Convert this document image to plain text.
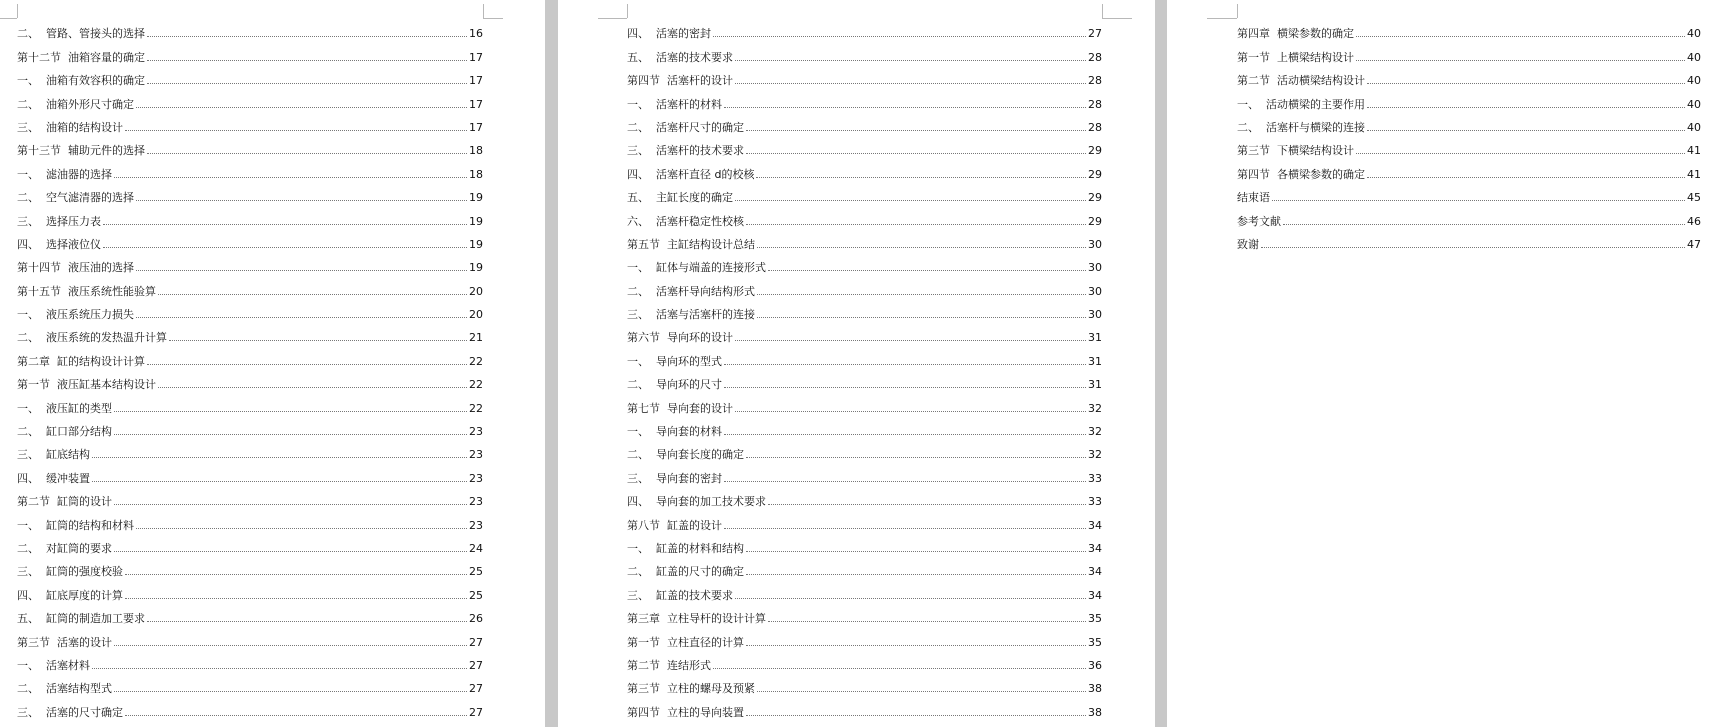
二、  管路、管接头的选择	16
第十二节  油箱容量的确定	17
一、  油箱有效容积的确定	17
二、  油箱外形尺寸确定	17
三、  油箱的结构设计	17
第十三节  辅助元件的选择	18
一、  滤油器的选择	18
二、  空气滤清器的选择	19
三、  选择压力表	19
四、  选择液位仪	19
第十四节  液压油的选择	19
第十五节  液压系统性能验算	20
一、  液压系统压力损失	20
二、  液压系统的发热温升计算	21
第二章  缸的结构设计计算	22
第一节  液压缸基本结构设计	22
一、  液压缸的类型	22
二、  缸口部分结构	23
三、  缸底结构	23
四、  缓冲装置	23
第二节  缸筒的设计	23
一、  缸筒的结构和材料	23
二、  对缸筒的要求	24
三、  缸筒的强度校验	25
四、  缸底厚度的计算	25
五、  缸筒的制造加工要求	26
第三节  活塞的设计	27
一、  活塞材料	27
二、  活塞结构型式	27
三、  活塞的尺寸确定	27
四、  活塞的密封	27
五、  活塞的技术要求	28
第四节  活塞杆的设计	28
一、  活塞杆的材料	28
二、  活塞杆尺寸的确定	28
三、  活塞杆的技术要求	29
四、  活塞杆直径 d的校核	29
五、  主缸长度的确定	29
六、  活塞杆稳定性校核	29
第五节  主缸结构设计总结	30
一、  缸体与端盖的连接形式	30
二、  活塞杆导向结构形式	30
三、  活塞与活塞杆的连接	30
第六节  导向环的设计	31
一、  导向环的型式	31
二、  导向环的尺寸	31
第七节  导向套的设计	32
一、  导向套的材料	32
二、  导向套长度的确定	32
三、  导向套的密封	33
四、  导向套的加工技术要求	33
第八节  缸盖的设计	34
一、  缸盖的材料和结构	34
二、  缸盖的尺寸的确定	34
三、  缸盖的技术要求	34
第三章  立柱导杆的设计计算	35
第一节  立柱直径的计算	35
第二节  连结形式	36
第三节  立柱的螺母及预紧	38
第四节  立柱的导向装置	38
第四章  横梁参数的确定	40
第一节  上横梁结构设计	40
第二节  活动横梁结构设计	40
一、  活动横梁的主要作用	40
二、  活塞杆与横梁的连接	40
第三节  下横梁结构设计	41
第四节  各横梁参数的确定	41
结束语	45
参考文献	46
致谢	47
